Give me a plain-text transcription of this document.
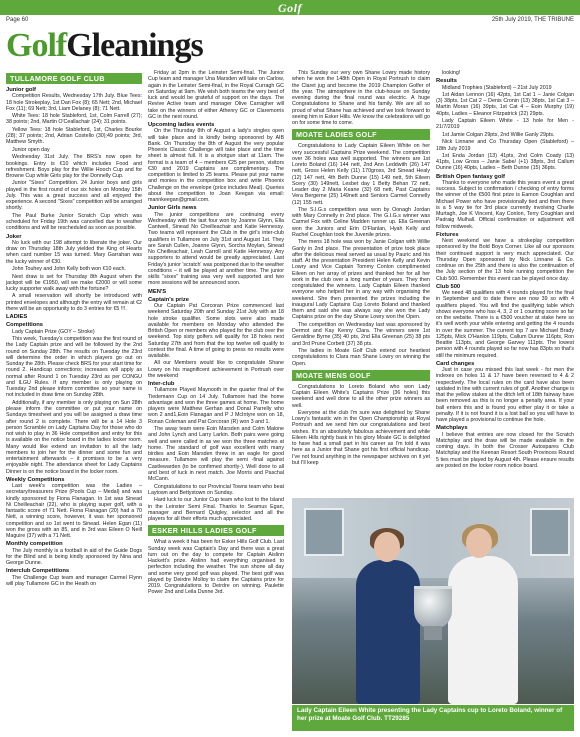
Golf
Page 60	25th July 2019, THE TRIBUNE
GolfGleanings
TULLAMORE GOLF CLUB
Junior golf

Competition Results, Wednesday 17th July. Blue Tees: 18 hole Strokeplay, 1st Dan Fox (8); 65 Nett; 2nd, Michael Fox (11); 69 Nett; 3rd, Liam Delaney (8); 71 Nett.

White Tees: 18 hole Stableford, 1st, Colm Farrell (27); 38 points; 2nd, Martin O'Ceallachair (24); 31 points.

Yellow Tees: 18 hole Stableford, 1st, Charles Bourke (28); 37 points; 2nd, Adrian Costello (30);49 points; 3rd, Matthew Smyth.

Junior open day

Wednesday 31st July. The BRS's now open for bookings. Entry is €10 which includes Food and refreshment. Boys play for the Willie Hooch Cup and for Browne Cup while Girls play for the Donnelly Cup.

Junior "Sixes" Competition. 24 Junior boys and girls played in the first round of our six holes on Monday 15th July. This was a great success and all enjoyed the experience. A second "Sixes" competition will be arranged shortly.

The Paul Burke Junior Scratch Cup which was scheduled for Friday 19th was cancelled due to weather conditions and will be rescheduled as soon as possible.

Joker

No luck with our 198 attempt to liberate the joker. Our draw on Thursday 18th July yielded the King of Hearts when card number 15 was turned. Mary Garrahan was the lucky winner of €30.

John Touhey and John Kelly both won €10 each.

Next draw is set for Thursday 8th August when the jackpot will be €1950, will we make €2000 or will some lucky supporter walk away with the fortune?

A small reservation will shortly be introduced with printed envelopes and although the entry will remain at €2 there will be an opportunity to do 3 entries for €5 !!!.

LADIES
Competitions

Lady Captain Prize (GOY – Stroke)

This week, Tuesday's competition was the first round of the Lady Captain prize and will be followed by the 2nd round on Sunday 28th. The results on Tuesday the 23rd will determine the order in which players go out on Sunday the 28th. Please check BRS for your start time for round 2. Handicap corrections; increases will apply as normal after Round 1 on Tuesday 23rd as per CONGU and ILGU Rules. If any member is only playing on Tuesday 2nd please inform committee so your name is not included in draw time on Sunday 28th.

Additionally, if any member is only playing on Sun 28th please inform the committee or put your name on Sundays timesheet and you will be assigned a draw time after round 2 is complete. There will be a 14 Hole 3 person Scramble on Lady Captains Day for those who do not wish to play in 36 Hole competition and entry for this is available on the notice board in the ladies locker room. Many would like extend an invitation to all the lady members to join her for the dinner and some fun and entertainment afterwards – it promises to be a very enjoyable night. The attendance sheet for Lady Captains Dinner is on the notice board in the locker room.

Weekly Competitions

Last week's competition was the Ladies – secretary/treasurers Prize (Pools Cup – Medal) and was kindly sponsored by Fiona Flanagan. In 1st was Sinead Ni Cheilleachair (22), who is playing super golf, with a fantastic score of 71 Nett. Fiona Flanagan (20) had a 70 Nett, a winning score, however, it was her sponsored competition and so 1st went to Sinead. Helen Egan (11) won the gross with an 85, and in 3rd was Eileen O Neill Maguire (37) with a 71 Nett.

Monthly competition

The July monthly is a football in aid of the Guide Dogs for the Blind and is being kindly sponsored by Nina and George Dunne.

Interclub Competitions

The Challenge Cup team and manager Carmel Flynn will play Tullamore GC in the Heath on

Friday at 2pm in the Leinster Semi-final. The Junior Cup team and manager Una Marsden will take on Carlow, again in the Leinster Semi-final, in the Royal Curragh GC on Saturday at 9am. We wish both teams the very best of luck and would be grateful of support on the days. The Revive Active team and manager Olive Carragher will take on the winners of either Athenry GC or Claremorris GC in the next round.

Upcoming ladies events

On the Thursday 8th of August a lady's singles open will take place and is kindly being sponsored by AIB Bank. On Thursday the 8th of August the very popular Phoenix Classic Challenge will take place and the time sheet is almost full. It is a shotgun start at 11am. The format is a team of 4 – members €25 per person, visitors €30 and 2019 Captains are complimentary. The competition is limited to 25 teams. Please put your name and monies in the competition box and write Phoenix Challenge on the envelope (price includes Meal). Queries about the competition to Joan Keegan via email: mannkeegan@gmail.com.

Junior Girls news

The junior competitions are continuing every Wednesday with the last four won by Joanne Glynn, Ella Cantwell, Sinead No Cheilleachair and Katie Hennessy. Two teams will represent the Club in the girl's inter-club qualifiers in Tullamore on July 31st and August 1st. They are Sarah Cullen, Joanne Glynn, Sorcha Moylan, Sinead No Cheilleachair, Leah Carroll and Katie Hennessy. Any supporters to attend would be greatly appreciated. Last Friday's junior 'scratch' was postponed due to the weather conditions – it will be played at another time. The junior skills "sixes" training was very well supported and two more sessions will be announced soon.

MEN'S
Captain's prize

Our Captain Pat Corcoran Prize commenced last weekend Saturday 20th and Sunday 21st July with an 18 hole stroke qualifier. Some slots were also made available for members on Monday who attended the British Open or members who played for the club over the weekend. Top sixty golfers will qualify for 18 holes next Saturday 27th and from that the top twelve will qualify to contest the final. A time of going to press no results were available.

All our Members would like to congratulate Shane Lowry on his magnificent achievement in Portrush over the weekend

Inter-club

Tullamore Played Maynooth in the quarter final of the Tiedemann Cup on 14 July. Tullamore had the home advantage and won the three games at home. The home players were Matthew Gerhan and Donal Parrelly who won 2 and1,Eoin Flanagan and P J McIntyre won on 18, Ronan Coleman and Pat Corcoran (R) won 3 and 1.

The away team were Eoin Marsden and Colm Malone and John Lynch and Larry Larkin. Both pairs were going well and were called in as we won the three matches at home. The standard of golf was excellent with many birdies and Eoin Marsden threw in an eagle for good measure. Tullamore will play the semi -final against Castlewarden (to be confirmed shortly-). Well done to all and best of luck in next match. Joe Morris and Paschal McCann.

Congratulations to our Provincial Towns team who beat Laytown and Bettystown on Sunday.

Hard luck to our Junior Cup team who lost to the Island in the Leinster Semi Final. Thanks to Seamus Egan, manager and Bernard Quigley, selector and all the players for all their efforts much appreciated.

ESKER HILLS LADIES GOLF

What a week it has been for Esker Hills Golf Club. Last Sunday week was Captain's Day and there was a great turn out on the day to compete for Captain Aislinn Hackett's prize. Aislinn had everything organised to perfection including the weather. The sun shone all day and some very good golf was played. The best golf was played by Deirdre Molloy to claim the Captains prize for 2019. Congratulations to Deirdre on winning. Paulette Power 2nd and Leila Dunne 3rd.

This Sunday our very own Shane Lowry made history when he won the 148th Open in Royal Portrush to claim the Claret jug and become the 2019 Champion Golfer of the year. The atmosphere in the club-house on Sunday evening during the final round was electric. A huge Congratulations to Shane and his family. We are all so proud of what Shane has achieved and we look forward to seeing him in Esker Hills. We know the celebrations will go on for some time to come.

MOATE LADIES GOLF

Congratulations to Lady Captain Eileen White on her very successful Captains Prize weekend. The competition over 36 holes was well supported. The winners are 1st Loreto Boland (16) 144 nett, 2nd Ann Leddwith (26) 147 nett, Gross Helen Kelly (11) 170gross, 3rd Sinead Healy (12) 147 nett, 4th Beth Dunne (15) 149 nett, 5th Eileen Scery (30) 149nett, Lesbet day 1 Betty Behan 72 nett, Leader day 2 Maria Keane (32) 68 nett, Past Captains Vera Bergerne (25) 149nett and Seniors Carmel Connelly (12) 155 nett.

The S.I.G.s competition was won by Oonagh Jordan with Mary Connelly in 2nd place. The G.I.G.s winner was Carmel Fox with Celine Madden runner up. Ella Greenan won the Juniors and Erin O'Flanlan, Hyah Kelly and Rachel Coughlan took the Juvenile prizes.

The mens 18 hole was won by Janie Colgan with Willie Ganly in 2nd place. The presentation of prize took place after the delicious meal served as usual by Pauric and his staff. At the presentation President Helen Kelly and Kevin Lowry and Vice Captain Tommy Conlon complimented Eileen on her array of prizes and thanked her for all her work in the club over a long number of years. They then congratulated the winners. Lady Captain Eileen thanked everyone who helped her in any way with organising the weekend. She then presented the prizes including the inaugural Lady Captains Cup Loreto Boland and thanked them and said she was always say she won the Lady Captains prize on the day Shane Lowry won the Open.

The competition on Wednesday last was sponsored by Dermot and Kay Kenny Clara. The winners were 1st Geraldine Byrne (35) 40 pts, 2nd Ella Greenan (25) 38 pts and 3rd Prune Corbett (37) 38 pts.

The ladies in Moate Golf Club extend our heartiest congratulations to Clara man Shane Lowry on winning the Open.

MOATE MENS GOLF

Congratulations to Loreto Boland who won Lady Captain Eileen White's Captains Prize (36 holes) this weekend and well done to all the other prize winners as well.

Everyone at the club I'm sure was delighted by Shane Lowry's fantastic win in the Open Championship at Royal Portrush and we send him our congratulations and best wishes. It's an absolutely fabulous achievement and while Eileen Hills rightly bask in his glory Moate GC is delighted to have had a small part in his career as I'm told it was here as a Junior that Shane got his first official handicap. I've not found anything in the newspaper archives on it yet but I'll keep

looking!

Results

Midland Trophies (Stableford) – 21st July 2019

1st Aidan Lennon (16) 42pts, 1st Cat 1 – Janie Colgan (3) 38pts, 1st Cat 2 – Denis Cronin (13) 38pts, 1st Cat 3 – Martin Moran (16) 39pts, 1st Cat 4 – Eoin Murphy (19) 40pts, Ladies – Eleanor Fitzpatrick (22) 29pts.

Lady Captain Eileen White - 13 hole for Men - 21/7/2019

1st Jamie Colgan 29pts, 2nd Willie Ganly 29pts.

Nick Linnane and Co Thursday Open (Stableford) – 18th July 2019

1st Enda Jordan (13) 41pts, 2nd Colm Coady (13) 41pts, Low Gross – Janie Sabe/ (+1) 38pts, 3rd Callum Dunne (16) 40pts, Ladies – Beth Dunne (15) 36pts.

British Open fantasy golf

Thanks to everyone who made this years event a great success. Subject to confirmation / checking of entry forms the winner of the €500 first prize is Eamon Coughlan and Michael Power who have provisionally tied and then there is a 5 way tie for 3rd place currently involving Charlie Murtagh, Joe K Vincent, Kay Conlon, Terry Coughlan and Padraig Mulhall. Official confirmation or adjustment will follow midweek.

Fixtures

Next weekend we have a strokeplay competition sponsored by the Bold Boys Corner. Like all our sponsors their continued support is very much appreciated. Our Thursday Open sponsored by Nick Linnane & Co. continue on the 25th and there is also the continuation of the July section of the 13 hole running competition the Club 500. Remember this event can be played once day.

Club 500

We need 48 qualifiers with 4 rounds played for the final in September and to date there are now 39 so with 4 qualifiers played. You will find the qualifying table which shows everyone who has 4, 3, 2 or 1 counting score so far on the website. There is a €500 voucher at stake here so it's well worth your while entering and getting the 4 rounds in over the summer. The current top 7 are Michael Brady 125pts, Mick O'Hanlon 119pts, Callum Dunne 116pts, Ron Beattie 113pts, and George Garvey 111pts. The lowest person with 4 rounds played so far now has 83pts so that's still the minimum required.

Card changes

Just in case you missed this last week - for men the indexes on holes 11 & 17 have been reversed to 4 & 2 respectively. The local rules on the card have also been updated in line with current rules of golf. Another change is that the yellow stakes at the ditch left of 18th fairway have been removed as this is no longer a penalty area. If your ball enters this and is found you either play it or take a penalty. If it is not found it is a lost ball so you will have to have played a provisional to continue the hole.

Matchplays

I believe that entries are now closed for the Scratch Matchplay and the draw will be made available in the coming days. In both the Crosser Autospares Club Matchplay and the Keenan Resort South Provinces Round 5 ties must be played by August 4th. Please ensure results are posted on the locker room notice board.

Lady Captain Eileen White presenting the Lady Captains cup to Loreto Boland, winner of her prize at Moate Golf Club. TT29285
